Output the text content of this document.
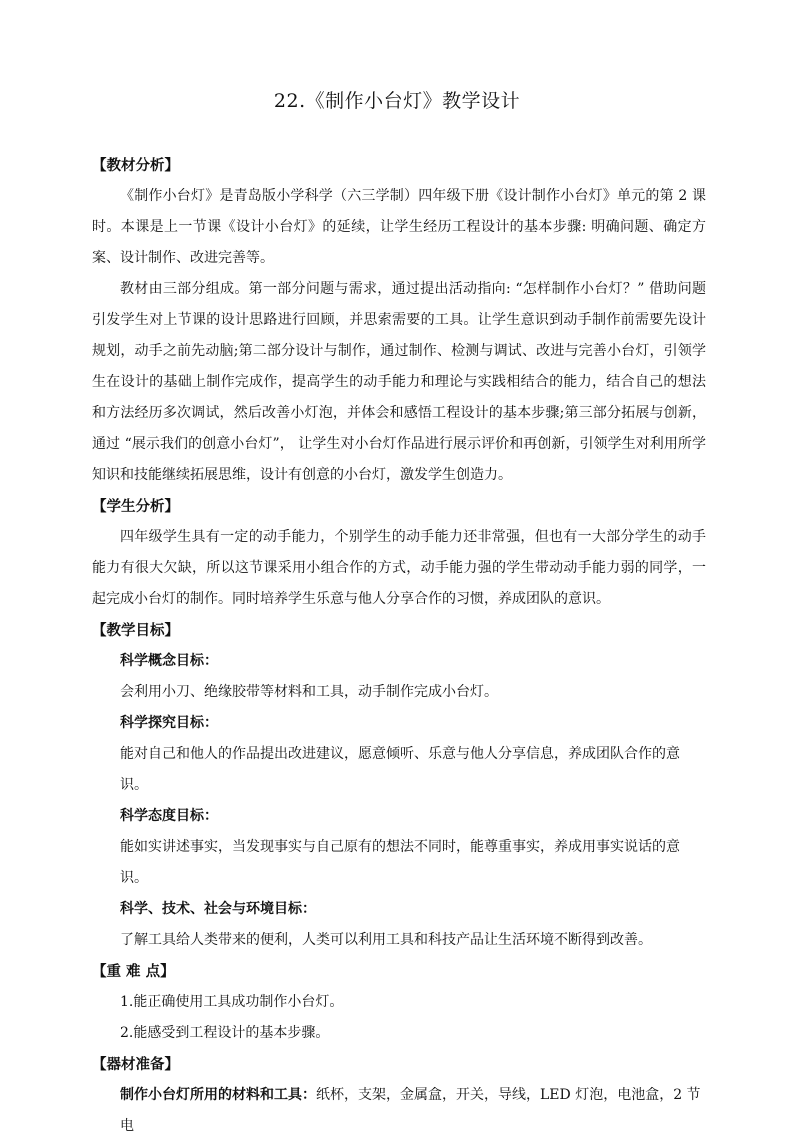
22.《制作小台灯》教学设计

【教材分析】

《制作小台灯》是青岛版小学科学（六三学制）四年级下册《设计制作小台灯》单元的第 2 课时。本课是上一节课《设计小台灯》的延续，让学生经历工程设计的基本步骤: 明确问题、确定方案、设计制作、改进完善等。

教材由三部分组成。第一部分问题与需求，通过提出活动指向: “怎样制作小台灯？” 借助问题引发学生对上节课的设计思路进行回顾，并思索需要的工具。让学生意识到动手制作前需要先设计规划，动手之前先动脑;第二部分设计与制作，通过制作、检测与调试、改进与完善小台灯，引领学生在设计的基础上制作完成作，提高学生的动手能力和理论与实践相结合的能力，结合自己的想法和方法经历多次调试，然后改善小灯泡，并体会和感悟工程设计的基本步骤;第三部分拓展与创新，通过 “展示我们的创意小台灯”， 让学生对小台灯作品进行展示评价和再创新，引领学生对利用所学知识和技能继续拓展思维，设计有创意的小台灯，激发学生创造力。

【学生分析】

四年级学生具有一定的动手能力，个别学生的动手能力还非常强，但也有一大部分学生的动手能力有很大欠缺，所以这节课采用小组合作的方式，动手能力强的学生带动动手能力弱的同学，一起完成小台灯的制作。同时培养学生乐意与他人分享合作的习惯，养成团队的意识。

【教学目标】

科学概念目标：

会利用小刀、绝缘胶带等材料和工具，动手制作完成小台灯。

科学探究目标：

能对自己和他人的作品提出改进建议，愿意倾听、乐意与他人分享信息，养成团队合作的意识。

科学态度目标：

能如实讲述事实，当发现事实与自己原有的想法不同时，能尊重事实，养成用事实说话的意识。

科学、技术、社会与环境目标：

了解工具给人类带来的便利，人类可以利用工具和科技产品让生活环境不断得到改善。

【重 难 点】

1.能正确使用工具成功制作小台灯。

2.能感受到工程设计的基本步骤。

【器材准备】

制作小台灯所用的材料和工具：纸杯，支架，金属盒，开关，导线，LED 灯泡，电池盒，2 节电
